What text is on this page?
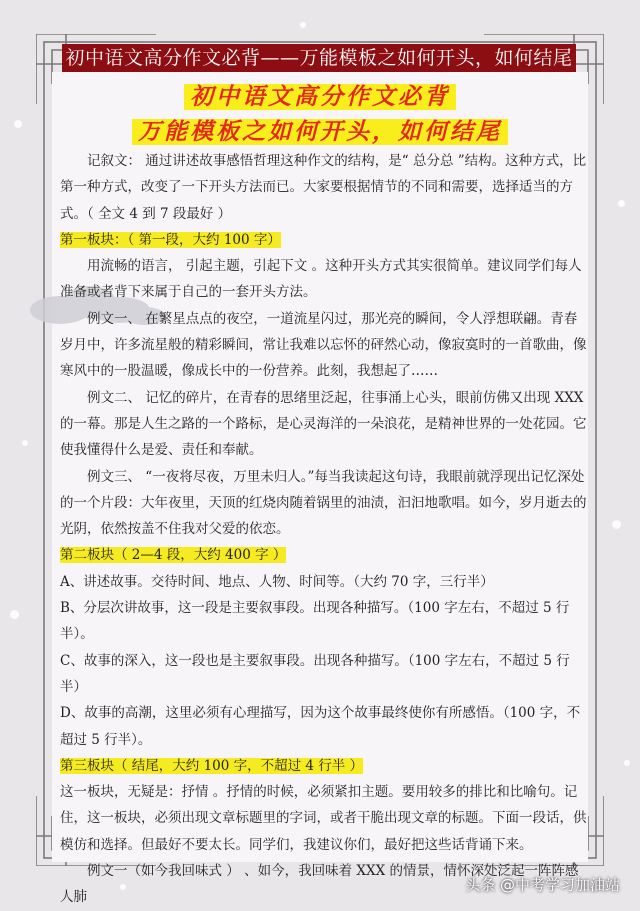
初中语文高分作文必背——万能模板之如何开头，如何结尾
初中语文高分作文必背
万能模板之如何开头，如何结尾

记叙文： 通过讲述故事感悟哲理这种作文的结构，是“ 总分总 ”结构。这种方式，比第一种方式，改变了一下开头方法而已。大家要根据情节的不同和需要，选择适当的方式。（ 全文 4 到 7 段最好 ）

第一板块：（ 第一段，大约 100 字）

用流畅的语言， 引起主题，引起下文 。这种开头方式其实很简单。建议同学们每人准备或者背下来属于自己的一套开头方法。

例文一、 在繁星点点的夜空，一道流星闪过，那光亮的瞬间，令人浮想联翩。青春岁月中，许多流星般的精彩瞬间，常让我难以忘怀的砰然心动，像寂寞时的一首歌曲，像寒风中的一股温暖，像成长中的一份营养。此刻，我想起了……

例文二、 记忆的碎片，在青春的思绪里泛起，往事涌上心头，眼前仿佛又出现 XXX 的一幕。那是人生之路的一个路标，是心灵海洋的一朵浪花，是精神世界的一处花园。它使我懂得什么是爱、责任和奉献。

例文三、 “一夜将尽夜，万里未归人。”每当我读起这句诗，我眼前就浮现出记忆深处的一个片段：大年夜里，天顶的红烧肉随着锅里的油渍，汩汩地歌唱。如今，岁月逝去的光阴，依然按盖不住我对父爱的依恋。

第二板块（ 2—4 段，大约 400 字 ）

A、讲述故事。交待时间、地点、人物、时间等。（大约 70 字，三行半）

B、分层次讲故事，这一段是主要叙事段。出现各种描写。（100 字左右，不超过 5 行半）。

C、故事的深入，这一段也是主要叙事段。出现各种描写。（100 字左右，不超过 5 行半）

D、故事的高潮，这里必须有心理描写，因为这个故事最终使你有所感悟。（100 字，不超过 5 行半）。

第三板块（ 结尾，大约 100 字，不超过 4 行半 ）

这一板块，无疑是：抒情 。抒情的时候，必须紧扣主题。要用较多的排比和比喻句。记住，这一板块，必须出现文章标题里的字词，或者干脆出现文章的标题。下面一段话，供模仿和选择。但最好不要太长。同学们，我建议你们，最好把这些话背诵下来。

例文一（如今我回味式 ） 、如今，我回味着 XXX 的情景，情怀深处泛起一阵阵感人肺

头条 @中考学习加油站
